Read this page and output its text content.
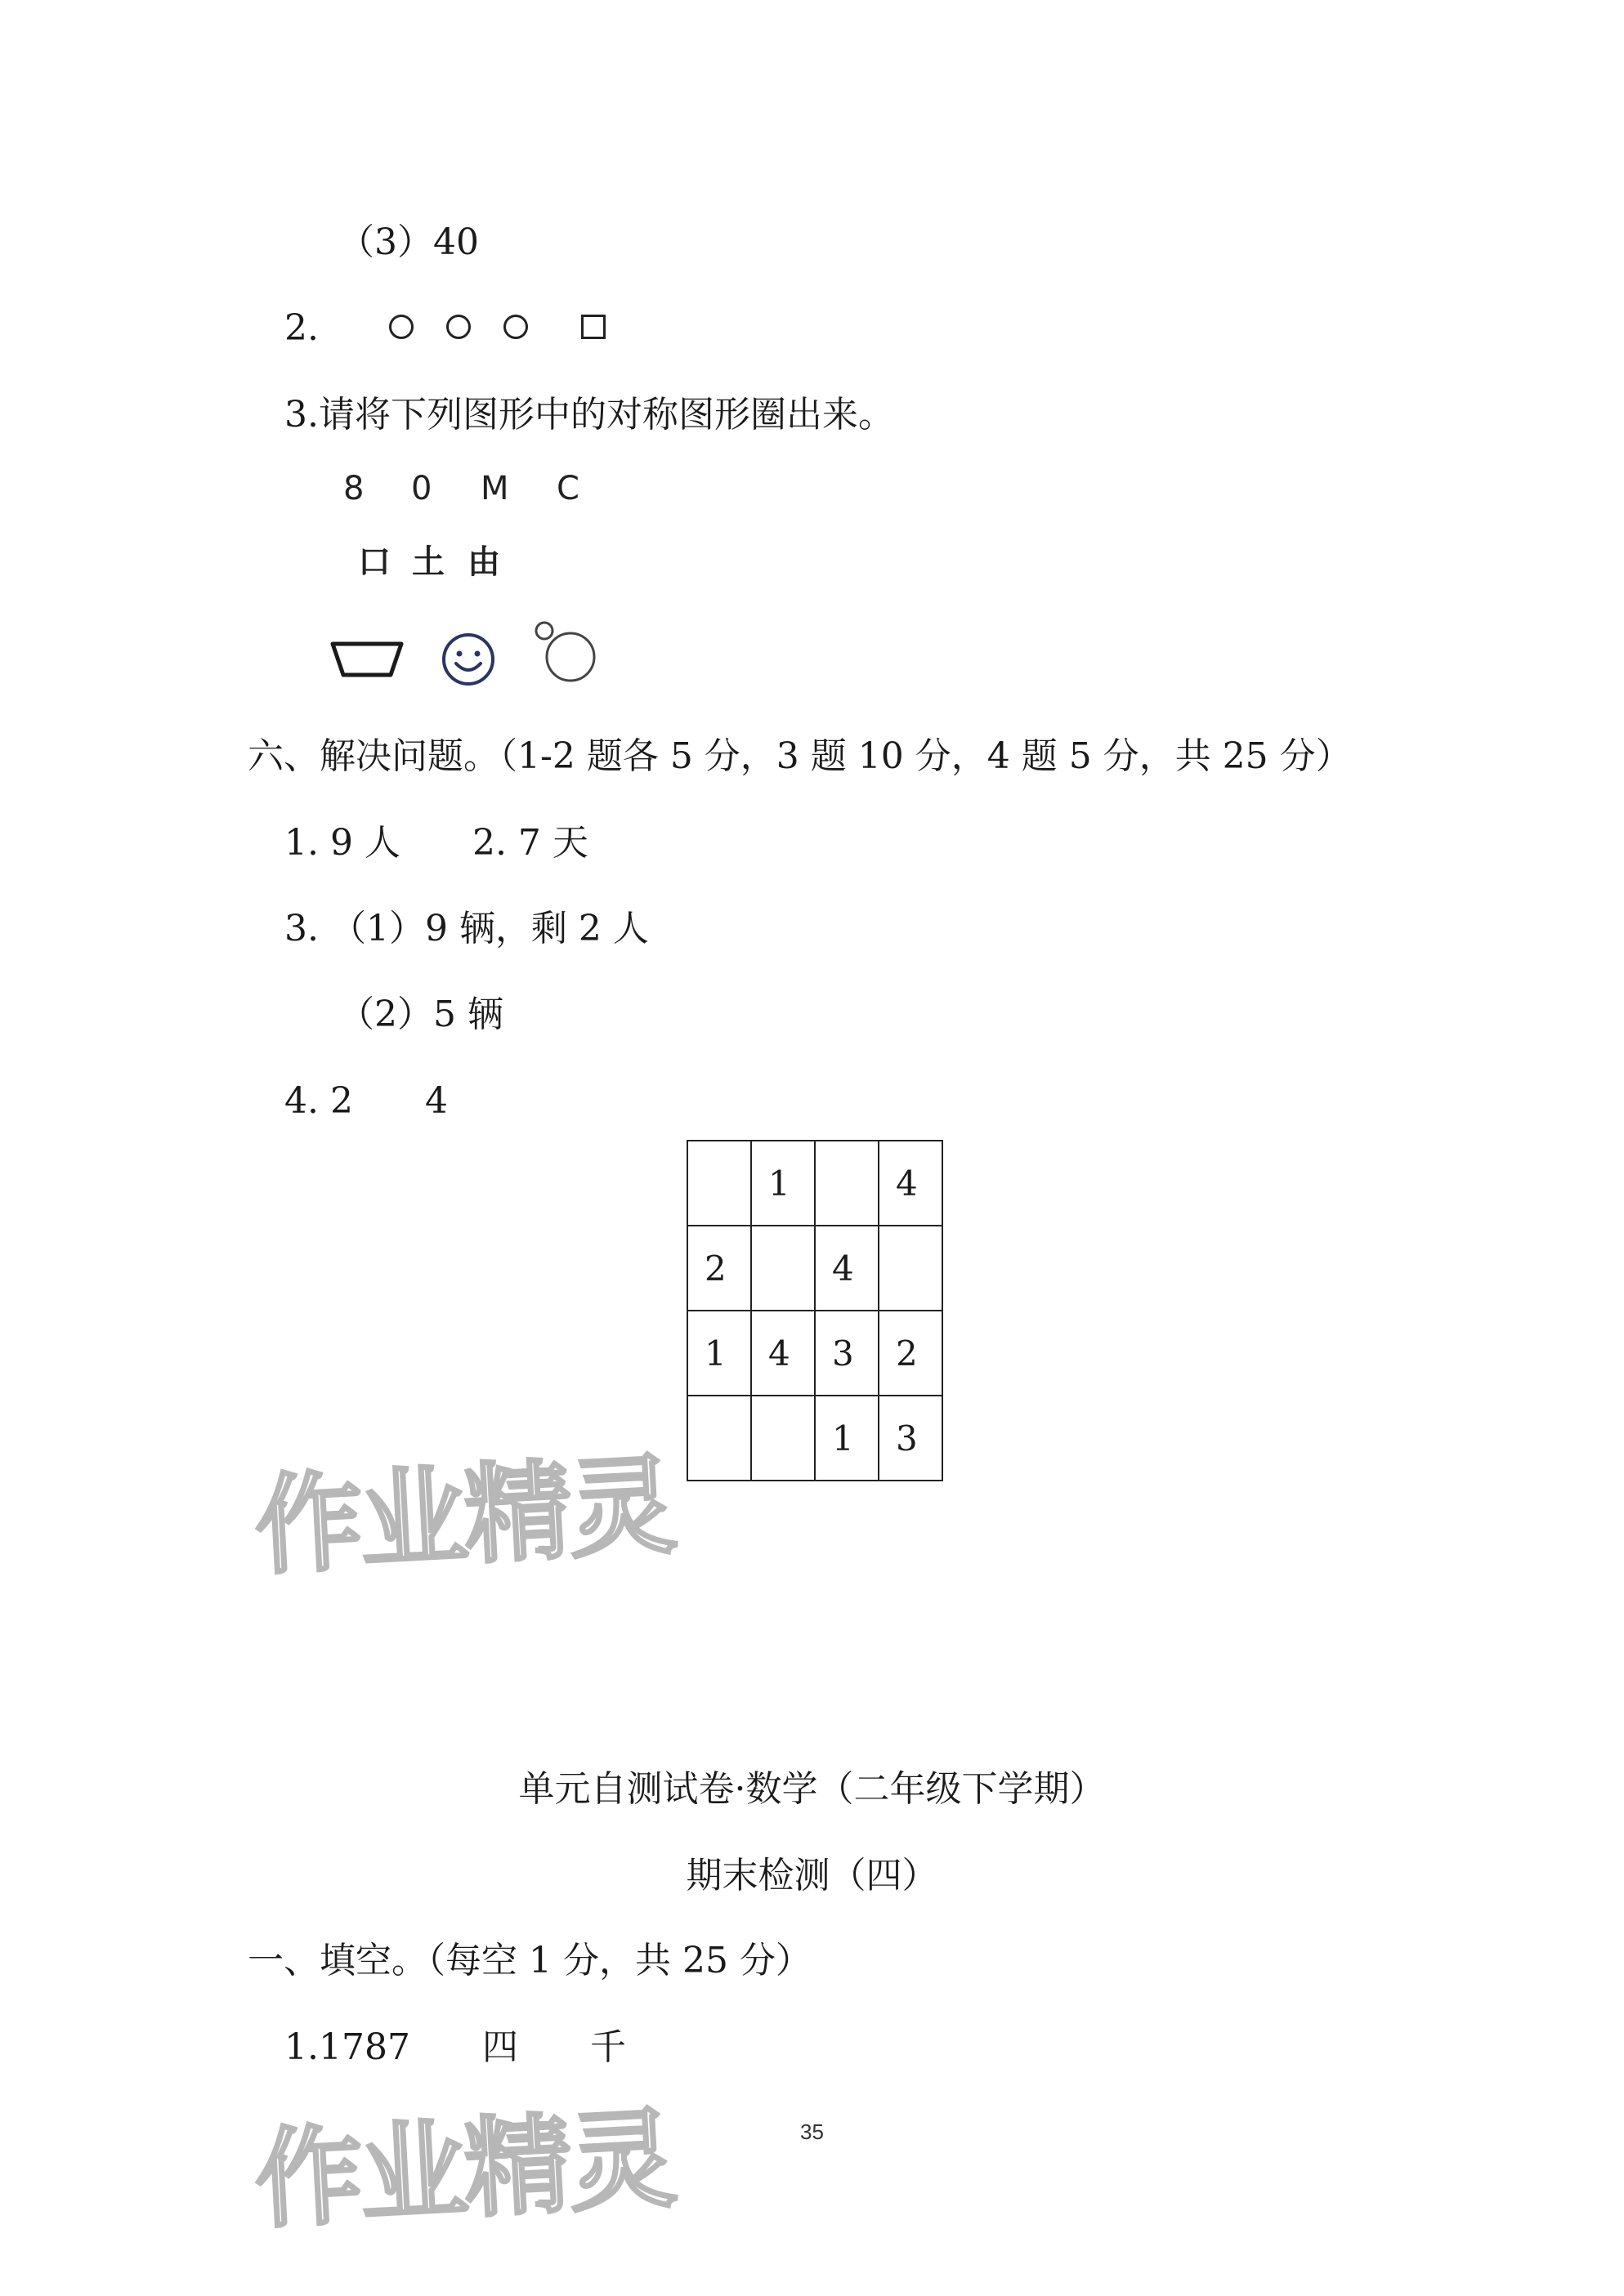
（3）40
2.
3.请将下列图形中的对称图形圈出来。
8 0 M C
口 土 由
六、解决问题。（1-2 题各 5 分，3 题 10 分，4 题 5 分，共 25 分）
1. 9 人　　2. 7 天
3. （1）9 辆，剩 2 人
（2）5 辆
4. 2　　4
	1		4
2		4	
1	4	3	2
		1	3
作业精灵
作业精灵
单元自测试卷·数学（二年级下学期）
期末检测（四）
一、填空。（每空 1 分，共 25 分）
1.1787　　四　　千
35
